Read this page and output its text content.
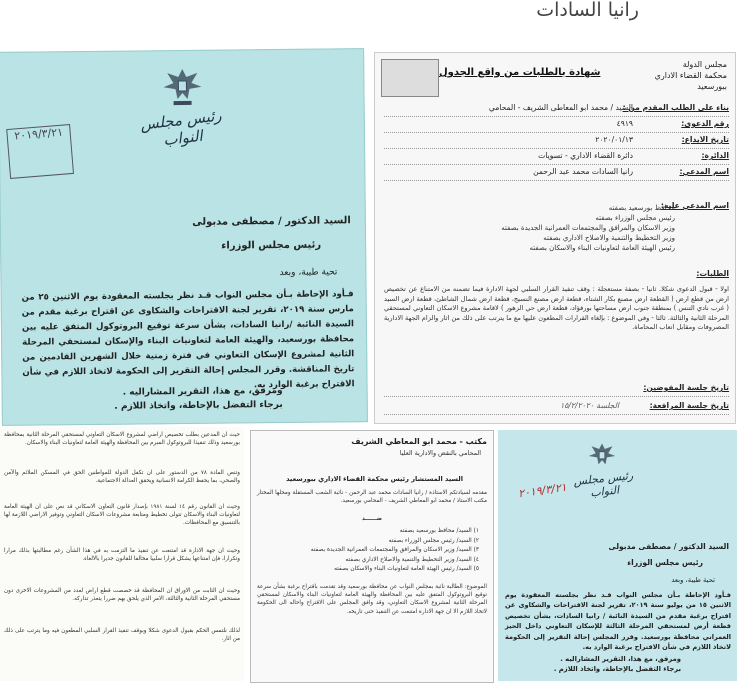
رانيا السادات
رئيس مجلس النواب
٢٠١٩/٣/٢١
السيد الدكتور / مصطفى مدبولى
رئيس مجلس الوزراء
تحية طيبة، وبعد
فـأود الإحاطة بـأن مجلس النواب قـد نظر بجلسته المعقودة يوم الاثنين ٢٥ من مارس سنة ٢٠١٩، تقرير لجنة الاقتراحات والشكاوى عن اقتراح برغبة مقدم من السيدة النائبة /رانيا السادات، بشأن سرعة توقيع البروتوكول المتفق عليه بين محافظة بورسعيد، والهيئة العامة لتعاونيات البناء والإسكان لمستحقي المرحلة الثانية لمشروع الإسكان التعاوني في فترة زمنية خلال الشهرين القادمين من تاريخ المناقشة. وقرر المجلس إحالة التقرير إلى الحكومة لاتخاذ اللازم في شأن الاقتراح برغبة الوارد به.
ومرفق، مع هذا، التقرير المشاراليه .
برجاء التفضل بالإحاطة، واتخاذ اللازم .
مجلس الدولة
محكمة القضاء الاداري
ببورسعيد
شهادة بالطلبات من واقع الجدول
بناء على الطلب المقدم من :
السيد / محمد ابو المعاطى الشريف - المحامي
رقم الدعوى:
٤٩١٩
تاريخ الايداع:
٢٠٢٠/٠١/١٣
الدائرة:
دائرة القضاء الاداري - تسويات
اسم المدعي:
رانيا السادات محمد عبد الرحمن
اسم المدعي عليه:
محافظ بورسعيد بصفته
رئيس مجلس الوزراء بصفته
وزير الاسكان والمرافق والمجتمعات العمرانية الجديدة بصفته
وزير التخطيط والتنمية والاصلاح الاداري بصفته
رئيس الهيئة العامة لتعاونيات البناء والاسكان بصفته
الطلبات:
اولا - قبول الدعوى شكلا. ثانيا - بصفة مستعجلة : وقف تنفيذ القرار السلبي لجهة الادارة فيما تضمنه من الامتناع عن تخصيص ارض من قطع ارض ( القطعة ارض مصنع بكار الشتاء، قطعة ارض مصنع النسيج، قطعة ارض شمال الشاطئ، قطعة ارض السيد ( غرب نادي التنس ) بمنطقة جنوب ارض مساحتها بورفؤاد، قطعة ارض حي الزهور ) لاقامة مشروع الاسكان التعاوني لمستحقي المرحلة الثانية والثالثة. ثالثا - وفي الموضوع : بإلغاء القرارات المطعون عليها مع ما يترتب على ذلك من اثار والزام الجهة الادارية المصروفات ومقابل اتعاب المحاماة.
تاريخ جلسة المفوضين:
تاريخ جلسة المرافعة:
الجلسة ١٥/٢/٢٠٢٠
حيث ان المدعين بطلب تخصيص اراضي لمشروع الاسكان التعاوني لمستحقي المرحلة الثانية بمحافظة بورسعيد وذلك تنفيذا للبروتوكول المبرم بين المحافظة والهيئة العامة لتعاونيات البناء والاسكان.
وتنص المادة ٧٨ من الدستور على ان تكفل الدولة للمواطنين الحق في المسكن الملائم والآمن والصحي، بما يحفظ الكرامة الانسانية ويحقق العدالة الاجتماعية.
وحيث ان القانون رقم ١٤ لسنة ١٩٨١ بإصدار قانون التعاون الاسكاني قد نص على ان الهيئة العامة لتعاونيات البناء والاسكان تتولى تخطيط ومتابعة مشروعات الاسكان التعاوني وتوفير الاراضي اللازمة لها بالتنسيق مع المحافظات.
وحيث ان جهة الادارة قد امتنعت عن تنفيذ ما التزمت به في هذا الشأن رغم مطالبتها بذلك مرارا وتكرارا، فإن امتناعها يشكل قرارا سلبيا مخالفا للقانون جديرا بالالغاء.
وحيث ان الثابت من الاوراق ان المحافظة قد خصصت قطع اراض لعدد من المشروعات الاخرى دون مستحقي المرحلة الثانية والثالثة، الامر الذي يلحق بهم ضررا يتعذر تداركه.
لذلك نلتمس الحكم بقبول الدعوى شكلا وبوقف تنفيذ القرار السلبي المطعون فيه وما يترتب على ذلك من اثار.
مكتب - محمد ابو المعاطي الشريف
المحامي بالنقض والادارية العليا
السيد المستشار رئيس محكمة القضاء الاداري ببورسعيد
مقدمه لسيادتكم الاستاذة / رانيا السادات محمد عبد الرحمن - نائبة الشعب المستقلة ومحلها المختار مكتب الاستاذ / محمد ابو المعاطي الشريف - المحامي بورسعيد.
ضــــــد
١) السيد/ محافظ بورسعيد بصفته
٢) السيد/ رئيس مجلس الوزراء بصفته
٣) السيد/ وزير الاسكان والمرافق والمجتمعات العمرانية الجديدة بصفته
٤) السيد/ وزير التخطيط والتنمية والاصلاح الاداري بصفته
٥) السيد/ رئيس الهيئة العامة لتعاونيات البناء والاسكان بصفته
الموضوع: الطالبة نائبة بمجلس النواب عن محافظة بورسعيد وقد تقدمت باقتراح برغبة بشأن سرعة توقيع البروتوكول المتفق عليه بين المحافظة والهيئة العامة لتعاونيات البناء والاسكان لمستحقي المرحلة الثانية لمشروع الاسكان التعاوني، وقد وافق المجلس على الاقتراح واحاله الى الحكومة لاتخاذ اللازم الا ان جهة الادارة امتنعت عن التنفيذ حتى تاريخه.
رئيس مجلس النواب
٢٠١٩/٣/٢١
السيد الدكتور / مصطفى مدبولى
رئيس مجلس الوزراء
تحية طيبة، وبعد
فـأود الإحاطة بـأن مجلس النواب قـد نظر بجلسته المعقودة يوم الاثنين ١٥ من يوليو سنة ٢٠١٩، تقرير لجنة الاقتراحات والشكاوى عن اقتراح برغبة مقدم من السيدة النائبة / رانيا السادات، بشأن تخصيص قطعة أرض لمستحقي المرحلة الثالثة للإسكان التعاوني داخل الحيز العمراني محافظة بورسعيد. وقرر المجلس إحالة التقرير إلى الحكومة لاتخاذ اللازم في شأن الاقتراح برغبة الوارد به.
ومرفق، مع هذا، التقرير المشاراليه .
برجاء التفضل بالإحاطة، واتخاذ اللازم .
